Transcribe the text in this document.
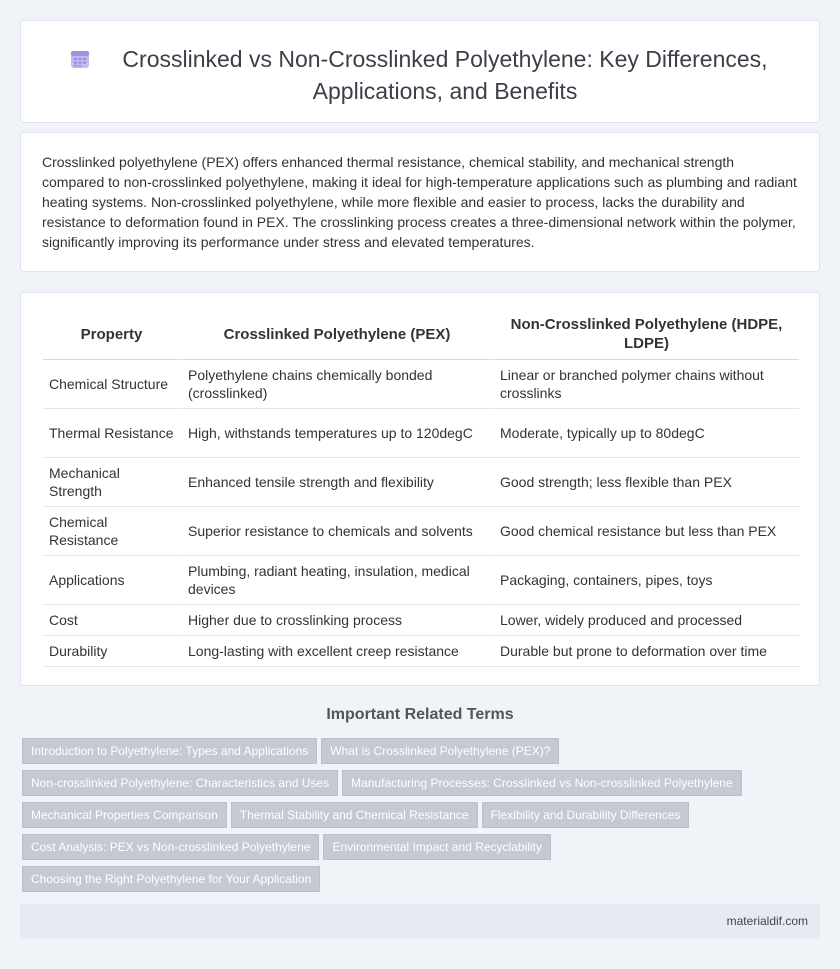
Crosslinked vs Non-Crosslinked Polyethylene: Key Differences, Applications, and Benefits

Crosslinked polyethylene (PEX) offers enhanced thermal resistance, chemical stability, and mechanical strength compared to non-crosslinked polyethylene, making it ideal for high-temperature applications such as plumbing and radiant heating systems. Non-crosslinked polyethylene, while more flexible and easier to process, lacks the durability and resistance to deformation found in PEX. The crosslinking process creates a three-dimensional network within the polymer, significantly improving its performance under stress and elevated temperatures.

Property	Crosslinked Polyethylene (PEX)	Non-Crosslinked Polyethylene (HDPE, LDPE)
Chemical Structure	Polyethylene chains chemically bonded (crosslinked)	Linear or branched polymer chains without crosslinks
Thermal Resistance	High, withstands temperatures up to 120degC	Moderate, typically up to 80degC
Mechanical Strength	Enhanced tensile strength and flexibility	Good strength; less flexible than PEX
Chemical Resistance	Superior resistance to chemicals and solvents	Good chemical resistance but less than PEX
Applications	Plumbing, radiant heating, insulation, medical devices	Packaging, containers, pipes, toys
Cost	Higher due to crosslinking process	Lower, widely produced and processed
Durability	Long-lasting with excellent creep resistance	Durable but prone to deformation over time
Important Related Terms
Introduction to Polyethylene: Types and Applications What is Crosslinked Polyethylene (PEX)?
Non-crosslinked Polyethylene: Characteristics and Uses Manufacturing Processes: Crosslinked vs Non-crosslinked Polyethylene
Mechanical Properties Comparison Thermal Stability and Chemical Resistance Flexibility and Durability Differences
Cost Analysis: PEX vs Non-crosslinked Polyethylene Environmental Impact and Recyclability
Choosing the Right Polyethylene for Your Application
materialdif.com
